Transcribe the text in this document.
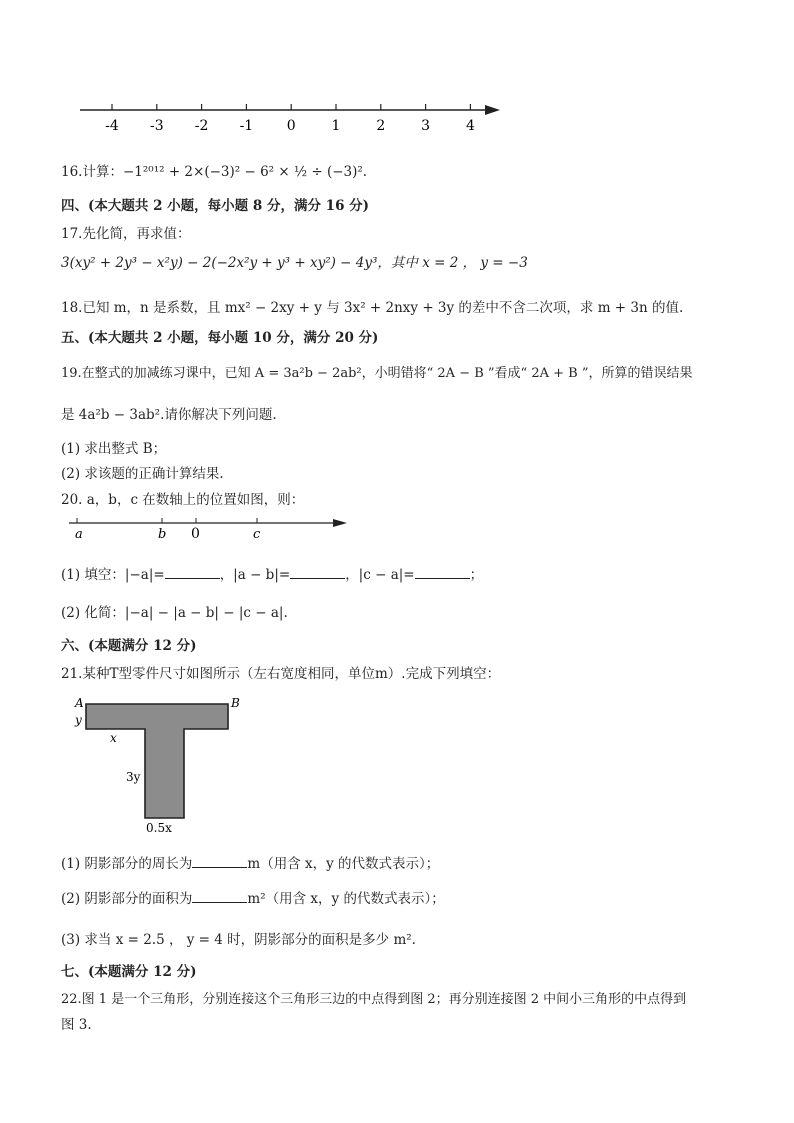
-4 -3 -2 -1 0	1	2	3	4
16.计算：−1²⁰¹² + 2×(−3)² − 6² × ½ ÷ (−3)².
四、(本大题共 2 小题，每小题 8 分，满分 16 分)
17.先化简，再求值：
3(xy² + 2y³ − x²y) − 2(−2x²y + y³ + xy²) − 4y³，其中 x = 2 ， y = −3
18.已知 m，n 是系数，且 mx² − 2xy + y 与 3x² + 2nxy + 3y 的差中不含二次项，求 m + 3n 的值.
五、(本大题共 2 小题，每小题 10 分，满分 20 分)
19.在整式的加减练习课中，已知 A = 3a²b − 2ab²，小明错将“ 2A − B ”看成“ 2A + B ”，所算的错误结果
是 4a²b − 3ab².请你解决下列问题.
(1) 求出整式 B；
(2) 求该题的正确计算结果.
20. a，b，c 在数轴上的位置如图，则：
a	b 0	c
(1) 填空：|−a|=	，|a − b|=	，|c − a|=	；
(2) 化简：|−a| − |a − b| − |c − a|.
六、(本题满分 12 分)
21.某种T型零件尺寸如图所示（左右宽度相同，单位m）.完成下列填空：
A	B
y
x
3y
0.5x
(1) 阴影部分的周长为	m（用含 x，y 的代数式表示）；
(2) 阴影部分的面积为	m²（用含 x，y 的代数式表示）；
(3) 求当 x = 2.5 ， y = 4 时，阴影部分的面积是多少 m².
七、(本题满分 12 分)
22.图 1 是一个三角形，分别连接这个三角形三边的中点得到图 2；再分别连接图 2 中间小三角形的中点得到
图 3.
